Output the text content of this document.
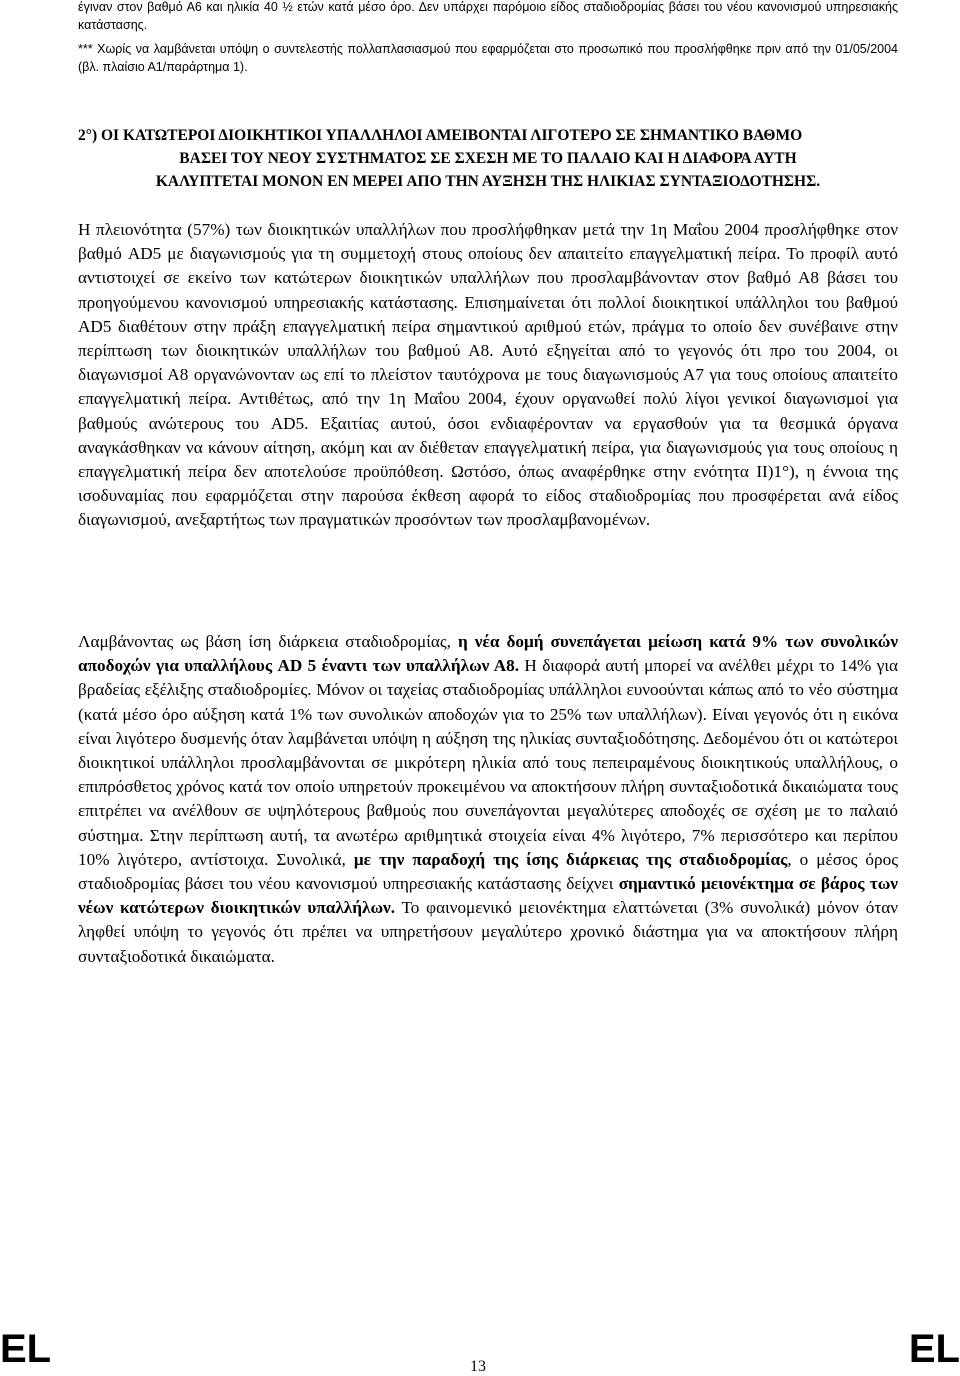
έγιναν στον βαθμό Α6 και ηλικία 40 ½ ετών κατά μέσο όρο. Δεν υπάρχει παρόμοιο είδος σταδιοδρομίας βάσει του νέου κανονισμού υπηρεσιακής κατάστασης.
*** Χωρίς να λαμβάνεται υπόψη ο συντελεστής πολλαπλασιασμού που εφαρμόζεται στο προσωπικό που προσλήφθηκε πριν από την 01/05/2004 (βλ. πλαίσιο Α1/παράρτημα 1).
2°) ΟΙ ΚΑΤΩΤΕΡΟΙ ΔΙΟΙΚΗΤΙΚΟΙ ΥΠΑΛΛΗΛΟΙ ΑΜΕΙΒΟΝΤΑΙ ΛΙΓΟΤΕΡΟ ΣΕ ΣΗΜΑΝΤΙΚΟ ΒΑΘΜΟ
ΒΑΣΕΙ ΤΟΥ ΝΕΟΥ ΣΥΣΤΗΜΑΤΟΣ ΣΕ ΣΧΕΣΗ ΜΕ ΤΟ ΠΑΛΑΙΟ ΚΑΙ Η ΔΙΑΦΟΡΑ ΑΥΤΗ
ΚΑΛΥΠΤΕΤΑΙ ΜΟΝΟΝ ΕΝ ΜΕΡΕΙ ΑΠΟ ΤΗΝ ΑΥΞΗΣΗ ΤΗΣ ΗΛΙΚΙΑΣ ΣΥΝΤΑΞΙΟΔΟΤΗΣΗΣ.
Η πλειονότητα (57%) των διοικητικών υπαλλήλων που προσλήφθηκαν μετά την 1η Μαΐου 2004 προσλήφθηκε στον βαθμό AD5 με διαγωνισμούς για τη συμμετοχή στους οποίους δεν απαιτείτο επαγγελματική πείρα. Το προφίλ αυτό αντιστοιχεί σε εκείνο των κατώτερων διοικητικών υπαλλήλων που προσλαμβάνονταν στον βαθμό Α8 βάσει του προηγούμενου κανονισμού υπηρεσιακής κατάστασης. Επισημαίνεται ότι πολλοί διοικητικοί υπάλληλοι του βαθμού AD5 διαθέτουν στην πράξη επαγγελματική πείρα σημαντικού αριθμού ετών, πράγμα το οποίο δεν συνέβαινε στην περίπτωση των διοικητικών υπαλλήλων του βαθμού Α8. Αυτό εξηγείται από το γεγονός ότι προ του 2004, οι διαγωνισμοί Α8 οργανώνονταν ως επί το πλείστον ταυτόχρονα με τους διαγωνισμούς Α7 για τους οποίους απαιτείτο επαγγελματική πείρα. Αντιθέτως, από την 1η Μαΐου 2004, έχουν οργανωθεί πολύ λίγοι γενικοί διαγωνισμοί για βαθμούς ανώτερους του AD5. Εξαιτίας αυτού, όσοι ενδιαφέρονταν να εργασθούν για τα θεσμικά όργανα αναγκάσθηκαν να κάνουν αίτηση, ακόμη και αν διέθεταν επαγγελματική πείρα, για διαγωνισμούς για τους οποίους η επαγγελματική πείρα δεν αποτελούσε προϋπόθεση. Ωστόσο, όπως αναφέρθηκε στην ενότητα ΙΙ)1°), η έννοια της ισοδυναμίας που εφαρμόζεται στην παρούσα έκθεση αφορά το είδος σταδιοδρομίας που προσφέρεται ανά είδος διαγωνισμού, ανεξαρτήτως των πραγματικών προσόντων των προσλαμβανομένων.
Λαμβάνοντας ως βάση ίση διάρκεια σταδιοδρομίας, η νέα δομή συνεπάγεται μείωση κατά 9% των συνολικών αποδοχών για υπαλλήλους AD 5 έναντι των υπαλλήλων Α8. Η διαφορά αυτή μπορεί να ανέλθει μέχρι το 14% για βραδείας εξέλιξης σταδιοδρομίες. Μόνον οι ταχείας σταδιοδρομίας υπάλληλοι ευνοούνται κάπως από το νέο σύστημα (κατά μέσο όρο αύξηση κατά 1% των συνολικών αποδοχών για το 25% των υπαλλήλων). Είναι γεγονός ότι η εικόνα είναι λιγότερο δυσμενής όταν λαμβάνεται υπόψη η αύξηση της ηλικίας συνταξιοδότησης. Δεδομένου ότι οι κατώτεροι διοικητικοί υπάλληλοι προσλαμβάνονται σε μικρότερη ηλικία από τους πεπειραμένους διοικητικούς υπαλλήλους, ο επιπρόσθετος χρόνος κατά τον οποίο υπηρετούν προκειμένου να αποκτήσουν πλήρη συνταξιοδοτικά δικαιώματα τους επιτρέπει να ανέλθουν σε υψηλότερους βαθμούς που συνεπάγονται μεγαλύτερες αποδοχές σε σχέση με το παλαιό σύστημα. Στην περίπτωση αυτή, τα ανωτέρω αριθμητικά στοιχεία είναι 4% λιγότερο, 7% περισσότερο και περίπου 10% λιγότερο, αντίστοιχα. Συνολικά, με την παραδοχή της ίσης διάρκειας της σταδιοδρομίας, ο μέσος όρος σταδιοδρομίας βάσει του νέου κανονισμού υπηρεσιακής κατάστασης δείχνει σημαντικό μειονέκτημα σε βάρος των νέων κατώτερων διοικητικών υπαλλήλων. Το φαινομενικό μειονέκτημα ελαττώνεται (3% συνολικά) μόνον όταν ληφθεί υπόψη το γεγονός ότι πρέπει να υπηρετήσουν μεγαλύτερο χρονικό διάστημα για να αποκτήσουν πλήρη συνταξιοδοτικά δικαιώματα.
EL	13	EL
